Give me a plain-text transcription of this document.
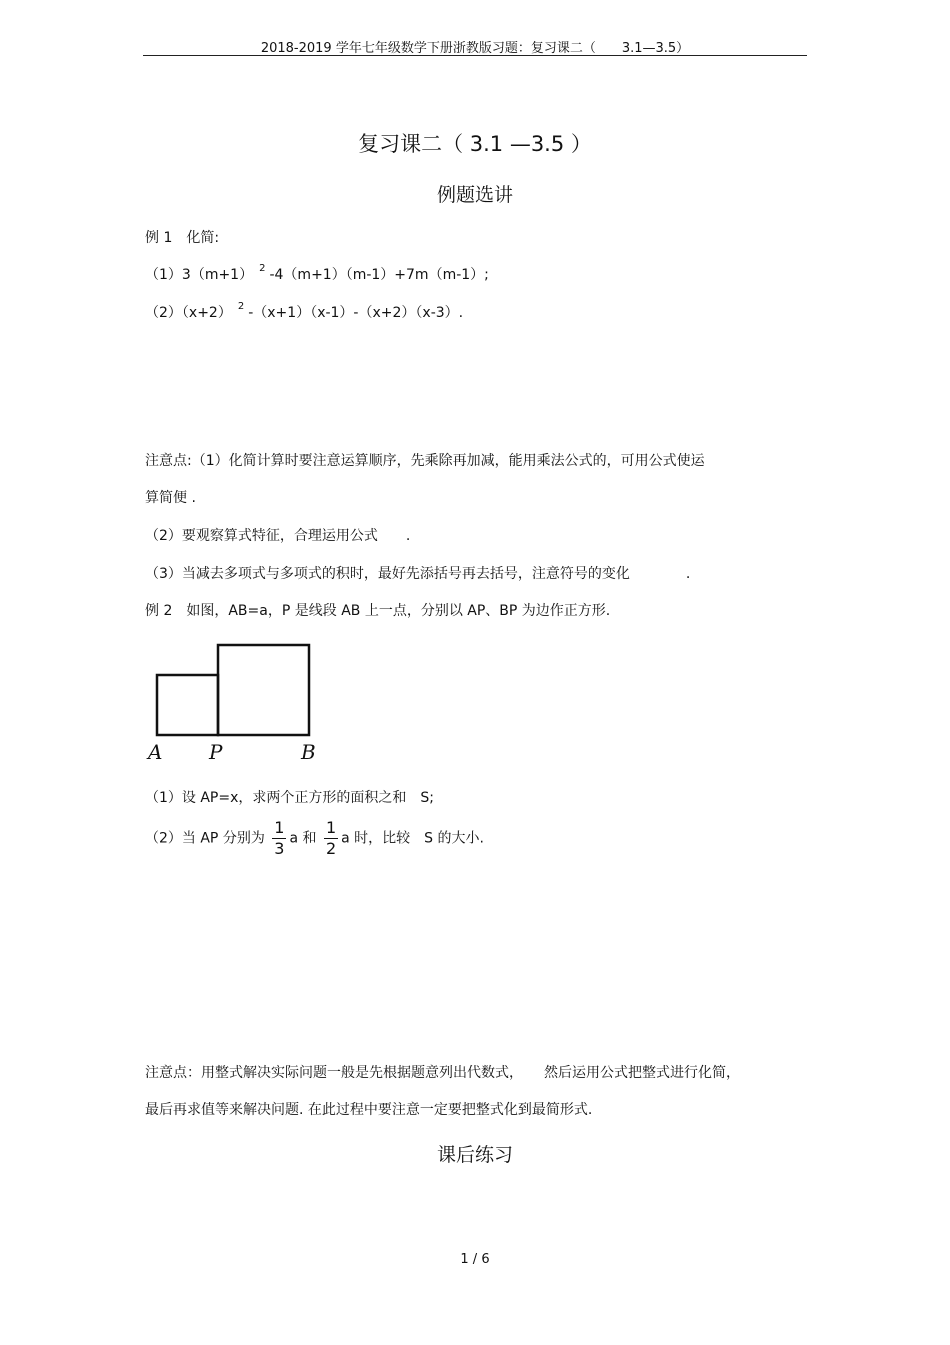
2018-2019 学年七年级数学下册浙教版习题：复习课二（　　3.1—3.5）
复习课二（ 3.1 —3.5 ）
例题选讲
例 1　化简:
（1）3（m+1） $^2$ -4（m+1）（m-1）+7m（m-1）;
（2）（x+2） $^2$ -（x+1）（x-1）-（x+2）（x-3）.
注意点:（1）化简计算时要注意运算顺序，先乘除再加减，能用乘法公式的，可用公式使运
算简便 .
（2）要观察算式特征，合理运用公式　　.
（3）当减去多项式与多项式的积时，最好先添括号再去括号，注意符号的变化　　　　.
例 2　如图，AB=a，P 是线段 AB 上一点，分别以 AP、BP 为边作正方形.
A P	B
（1）设 AP=x，求两个正方形的面积之和　S;
（2）当 AP 分别为 $\frac{1}{3}$ a 和 $\frac{1}{2}$ a 时，比较　S 的大小.
注意点：用整式解决实际问题一般是先根据题意列出代数式，　　然后运用公式把整式进行化简，
最后再求值等来解决问题. 在此过程中要注意一定要把整式化到最简形式.
课后练习
1 / 6
